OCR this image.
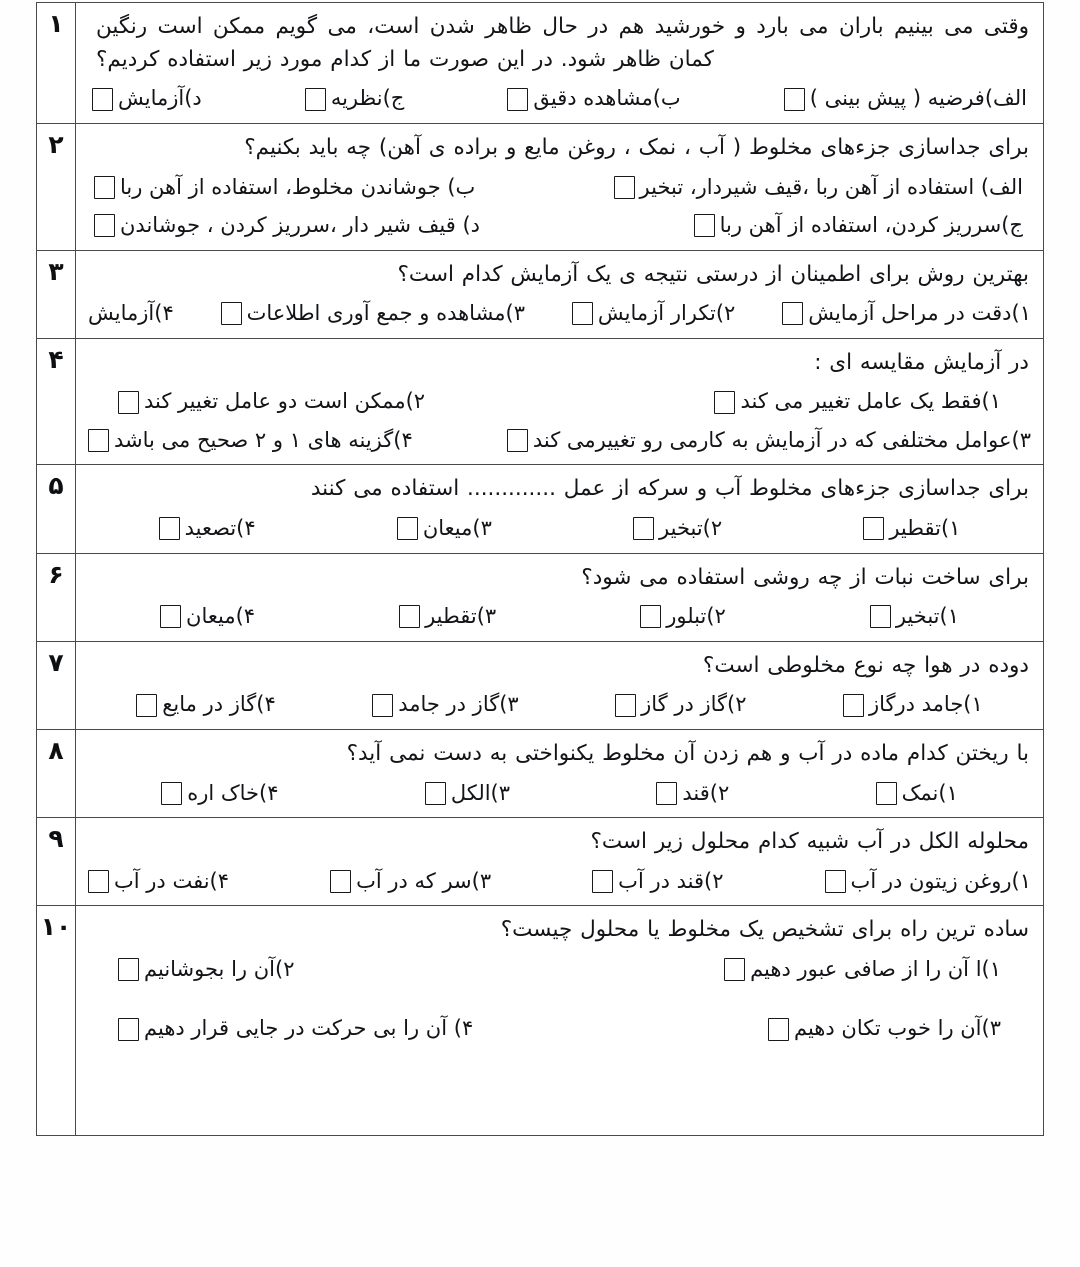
وقتی می بینیم باران می بارد و خورشید هم در حال ظاهر شدن است، می گویم ممکن است رنگین کمان ظاهر شود. در این صورت ما از کدام مورد زیر استفاده کردیم؟
الف)فرضیه ( پیش بینی )
ب)مشاهده دقیق
ج)نظریه
د)آزمایش	۱

برای جداسازی جزءهای مخلوط ( آب ، نمک ، روغن مایع و براده ی آهن) چه باید بکنیم؟
الف) استفاده از آهن ربا ،قیف شیردار، تبخیر
ب) جوشاندن مخلوط، استفاده از آهن ربا
ج)سرریز کردن، استفاده از آهن ربا
د) قیف شیر دار ،سرریز کردن ، جوشاندن	۲

بهترین روش برای اطمینان از درستی نتیجه ی یک آزمایش کدام است؟
۱)دقت در مراحل آزمایش
۲)تکرار آزمایش
۳)مشاهده و جمع آوری اطلاعات
۴)آزمایش	۳

در آزمایش مقایسه ای :
۱)فقط یک عامل تغییر می کند
۲)ممکن است دو عامل تغییر کند
۳)عوامل مختلفی که در آزمایش به کارمی رو تغییرمی کند
۴)گزینه های ۱ و ۲ صحیح می باشد	۴

برای جداسازی جزءهای مخلوط آب و سرکه از عمل ............. استفاده می کنند
۱)تقطیر
۲)تبخیر
۳)میعان
۴)تصعید	۵

برای ساخت نبات از چه روشی استفاده می شود؟
۱)تبخیر
۲)تبلور
۳)تقطیر
۴)میعان	۶

دوده در هوا چه نوع مخلوطی است؟
۱)جامد درگاز
۲)گاز در گاز
۳)گاز در جامد
۴)گاز در مایع	۷

با ریختن کدام ماده در آب و هم زدن آن مخلوط یکنواختی به دست نمی آید؟
۱)نمک
۲)قند
۳)الکل
۴)خاک اره	۸

محلوله الکل در آب شبیه کدام محلول زیر است؟
۱)روغن زیتون در آب
۲)قند در آب
۳)سر که در آب
۴)نفت در آب	۹

ساده ترین راه برای تشخیص یک مخلوط یا محلول چیست؟
۱)ا آن را از صافی عبور دهیم
۲)آن را بجوشانیم
۳)آن را خوب تکان دهیم
۴) آن را بی حرکت در جایی قرار دهیم	۱۰
